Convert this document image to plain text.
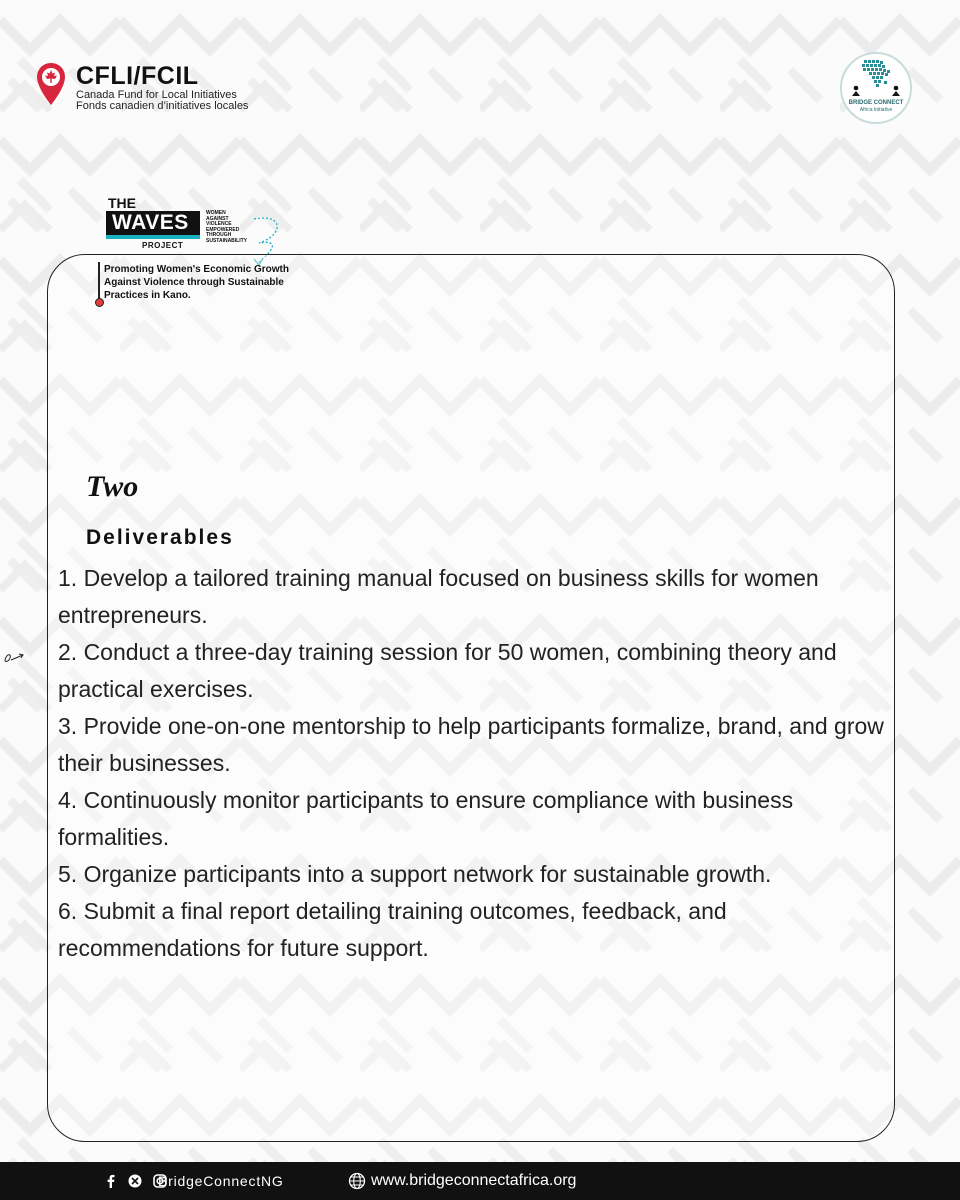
CFLI/FCIL
Canada Fund for Local Initiatives
Fonds canadien d’initiatives locales	BRIDGE CONNECT
Africa Initiative
THE
WAVES	WOMEN
AGAINST
VIOLENCE
EMPOWERED
THROUGH
SUSTAINABILITY
PROJECT
Promoting Women's Economic Growth
Against Violence through Sustainable
Practices in Kano.
Two
Deliverables
1. Develop a tailored training manual focused on business skills for women entrepreneurs.
2. Conduct a three-day training session for 50 women, combining theory and practical exercises.
3. Provide one-on-one mentorship to help participants formalize, brand, and grow their businesses.
4. Continuously monitor participants to ensure compliance with business formalities.
5. Organize participants into a support network for sustainable growth.
6. Submit a final report detailing training outcomes, feedback, and recommendations for future support.

BridgeConnectNG	www.bridgeconnectafrica.org
